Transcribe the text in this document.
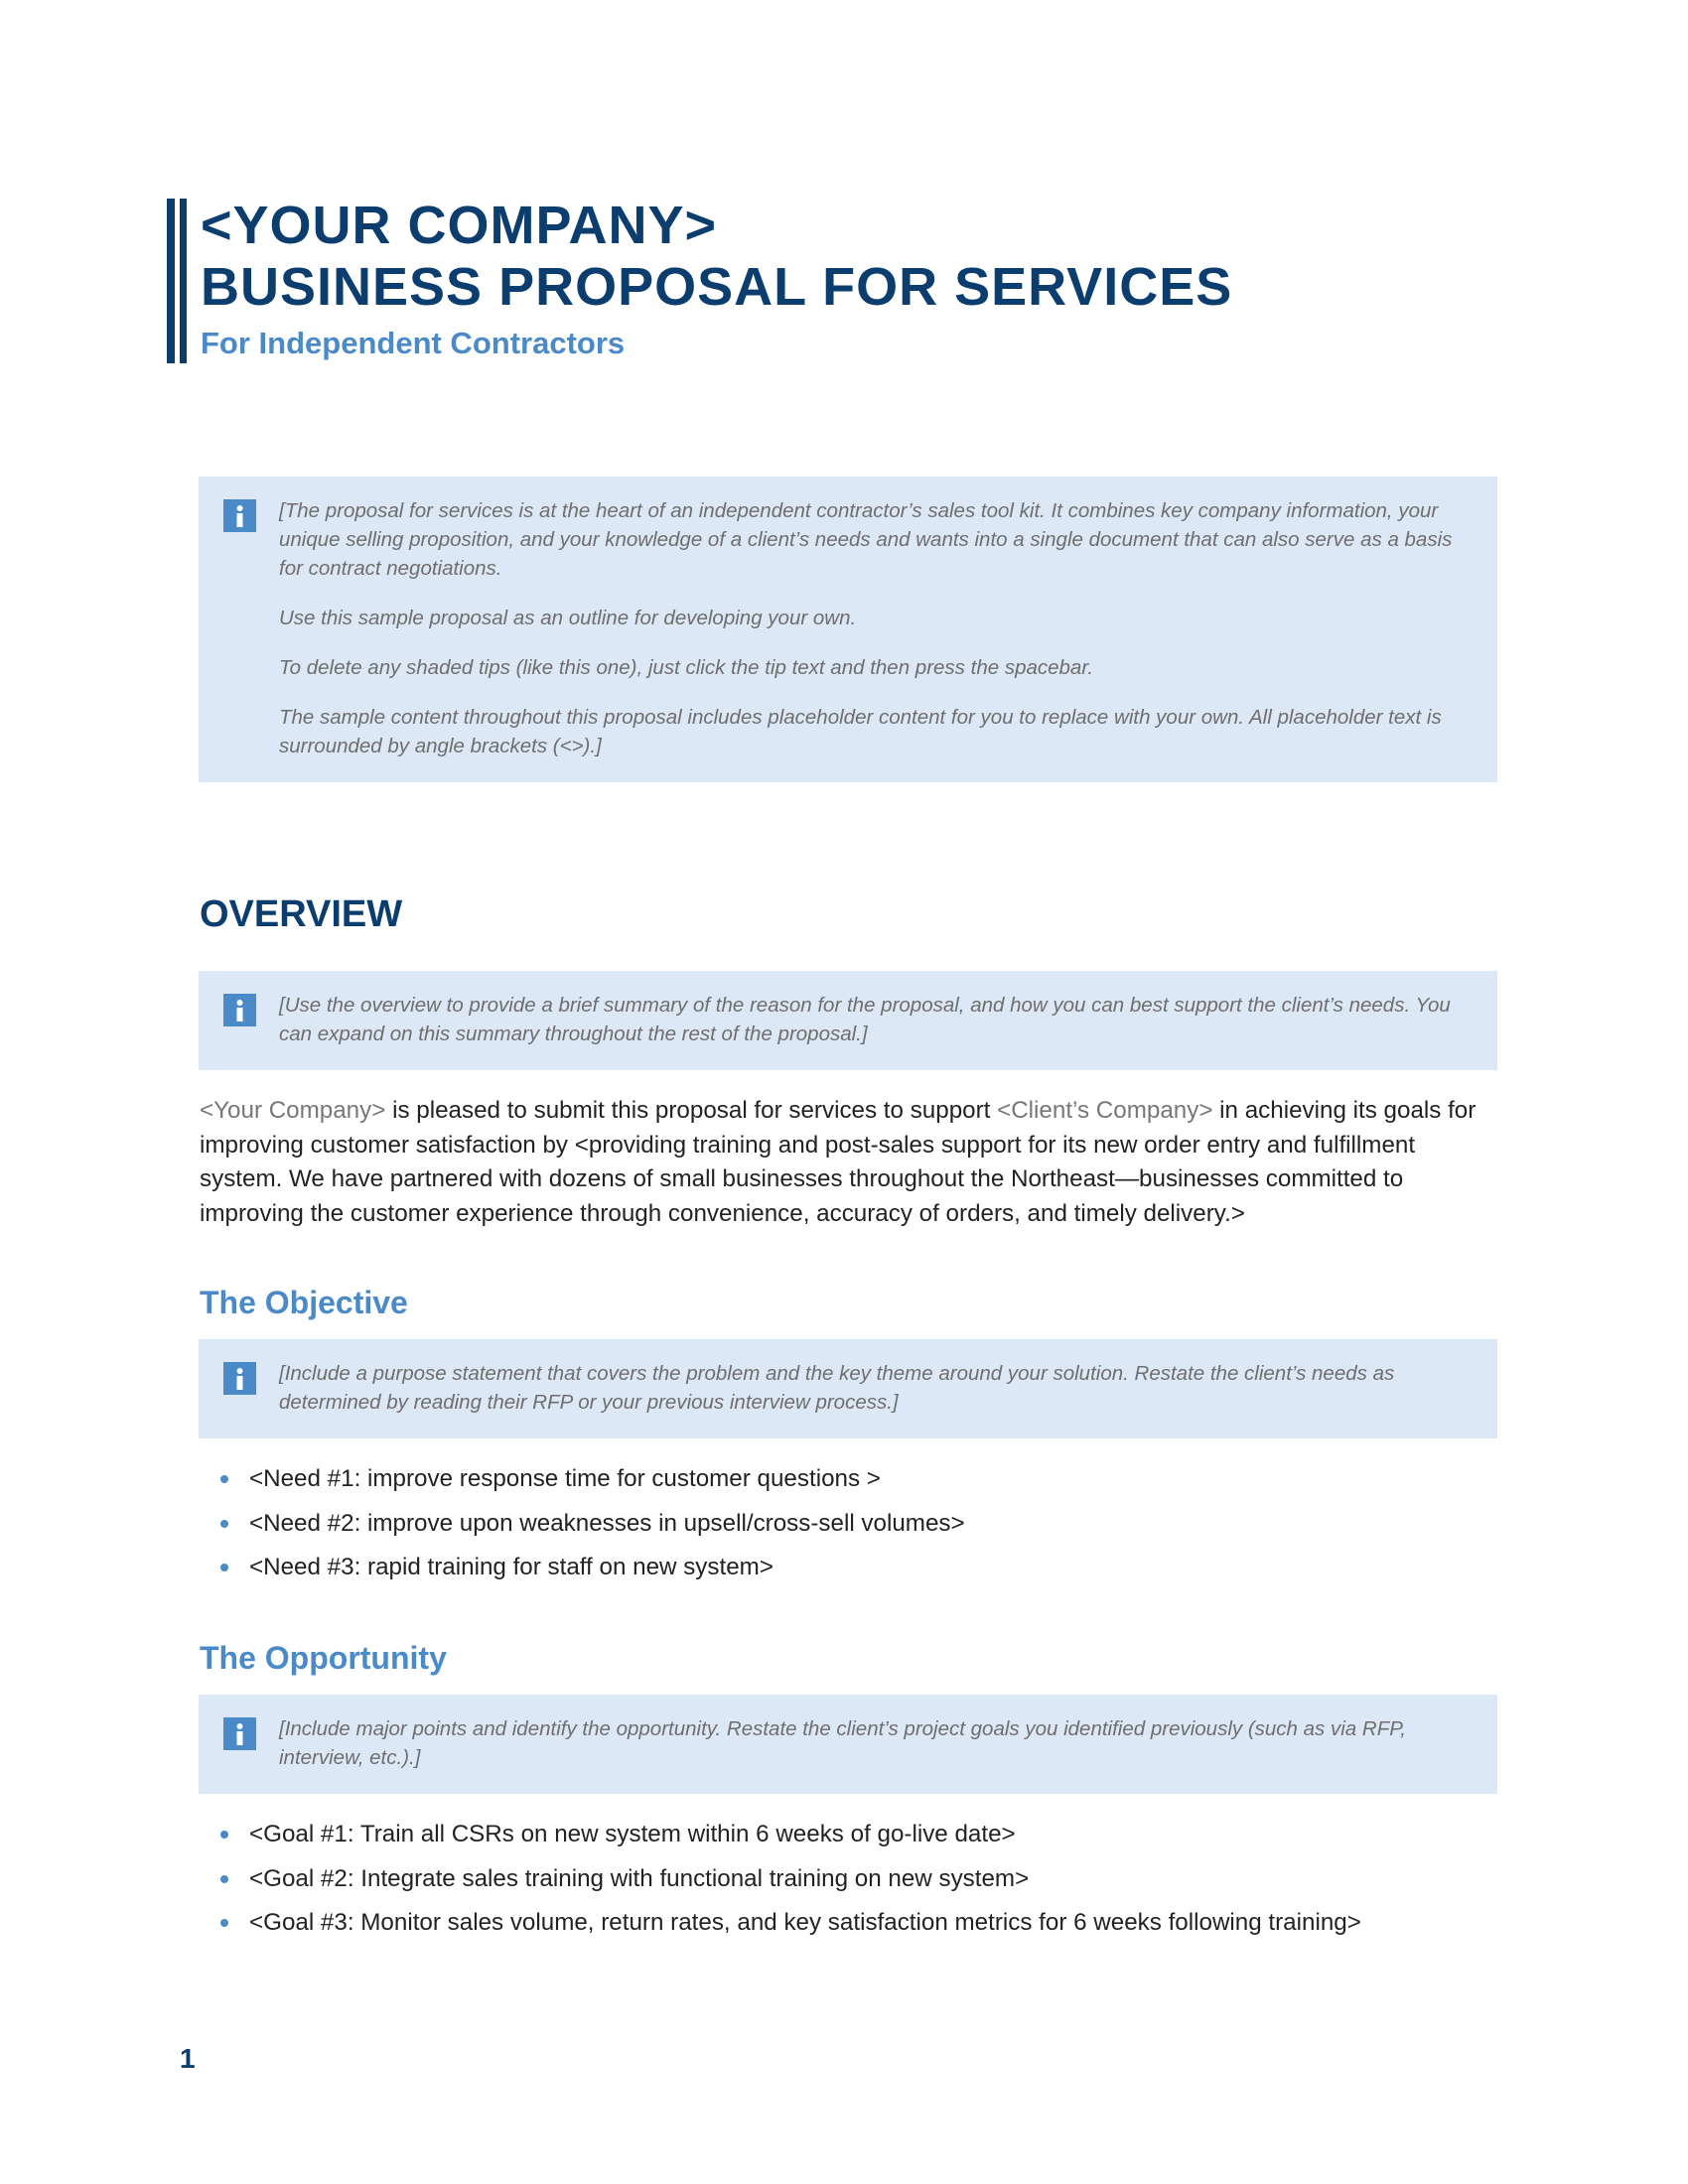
<YOUR COMPANY>
BUSINESS PROPOSAL FOR SERVICES
For Independent Contractors

[The proposal for services is at the heart of an independent contractor’s sales tool kit. It combines key company information, your unique selling proposition, and your knowledge of a client’s needs and wants into a single document that can also serve as a basis for contract negotiations.

Use this sample proposal as an outline for developing your own.

To delete any shaded tips (like this one), just click the tip text and then press the spacebar.

The sample content throughout this proposal includes placeholder content for you to replace with your own. All placeholder text is surrounded by angle brackets (<>).]

OVERVIEW

[Use the overview to provide a brief summary of the reason for the proposal, and how you can best support the client’s needs. You can expand on this summary throughout the rest of the proposal.]

<Your Company> is pleased to submit this proposal for services to support <Client’s Company> in achieving its goals for improving customer satisfaction by <providing training and post-sales support for its new order entry and fulfillment system. We have partnered with dozens of small businesses throughout the Northeast—businesses committed to improving the customer experience through convenience, accuracy of orders, and timely delivery.>

The Objective

[Include a purpose statement that covers the problem and the key theme around your solution. Restate the client’s needs as determined by reading their RFP or your previous interview process.]

<Need #1: improve response time for customer questions >
<Need #2: improve upon weaknesses in upsell/cross-sell volumes>
<Need #3: rapid training for staff on new system>
The Opportunity

[Include major points and identify the opportunity. Restate the client’s project goals you identified previously (such as via RFP, interview, etc.).]

<Goal #1: Train all CSRs on new system within 6 weeks of go-live date>
<Goal #2: Integrate sales training with functional training on new system>
<Goal #3: Monitor sales volume, return rates, and key satisfaction metrics for 6 weeks following training>
1
